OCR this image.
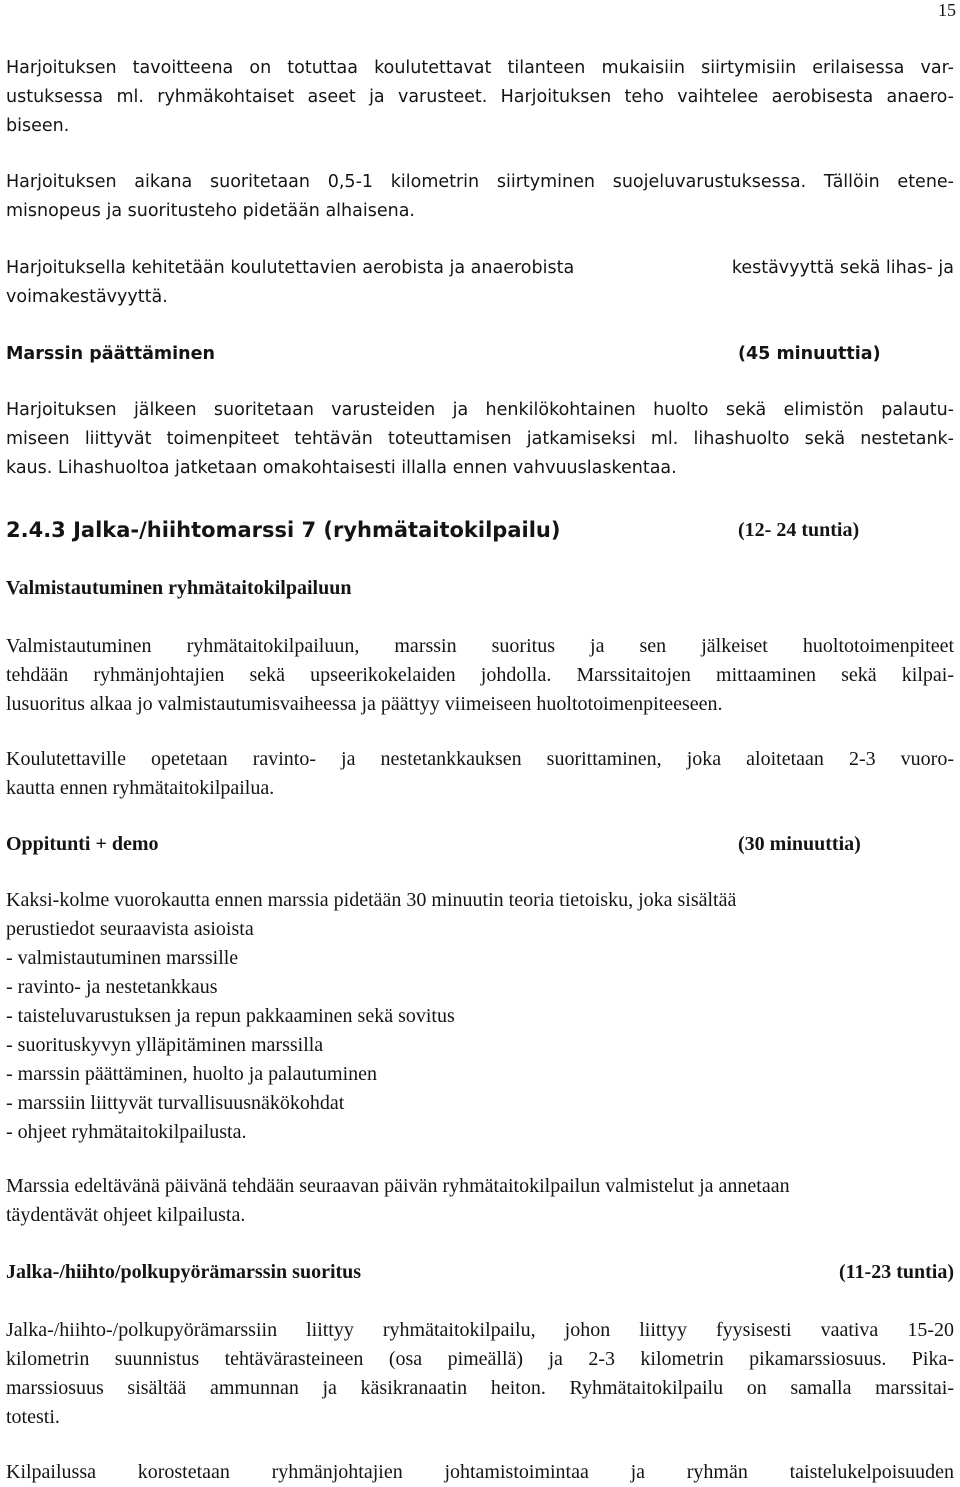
15
Harjoituksen tavoitteena on totuttaa koulutettavat tilanteen mukaisiin siirtymisiin erilaisessa var-
ustuksessa ml. ryhmäkohtaiset aseet ja varusteet. Harjoituksen teho vaihtelee aerobisesta anaero-
biseen.
Harjoituksen aikana suoritetaan 0,5-1 kilometrin siirtyminen suojeluvarustuksessa. Tällöin etene-
misnopeus ja suoritusteho pidetään alhaisena.
Harjoituksella kehitetään koulutettavien aerobista ja anaerobista	kestävyyttä sekä lihas- ja
voimakestävyyttä.
Marssin päättäminen	(45 minuuttia)
Harjoituksen jälkeen suoritetaan varusteiden ja henkilökohtainen huolto sekä elimistön palautu-
miseen liittyvät toimenpiteet tehtävän toteuttamisen jatkamiseksi ml. lihashuolto sekä nestetank-
kaus. Lihashuoltoa jatketaan omakohtaisesti illalla ennen vahvuuslaskentaa.
2.4.3 Jalka-/hiihtomarssi 7 (ryhmätaitokilpailu)	(12- 24 tuntia)
Valmistautuminen ryhmätaitokilpailuun
Valmistautuminen ryhmätaitokilpailuun, marssin suoritus ja sen jälkeiset huoltotoimenpiteet
tehdään ryhmänjohtajien sekä upseerikokelaiden johdolla. Marssitaitojen mittaaminen sekä kilpai-
lusuoritus alkaa jo valmistautumisvaiheessa ja päättyy viimeiseen huoltotoimenpiteeseen.
Koulutettaville opetetaan ravinto- ja nestetankkauksen suorittaminen, joka aloitetaan 2-3 vuoro-
kautta ennen ryhmätaitokilpailua.
Oppitunti + demo	(30 minuuttia)
Kaksi-kolme vuorokautta ennen marssia pidetään 30 minuutin teoria tietoisku, joka sisältää
perustiedot seuraavista asioista
- valmistautuminen marssille
- ravinto- ja nestetankkaus
- taisteluvarustuksen ja repun pakkaaminen sekä sovitus
- suorituskyvyn ylläpitäminen marssilla
- marssin päättäminen, huolto ja palautuminen
- marssiin liittyvät turvallisuusnäkökohdat
- ohjeet ryhmätaitokilpailusta.
Marssia edeltävänä päivänä tehdään seuraavan päivän ryhmätaitokilpailun valmistelut ja annetaan
täydentävät ohjeet kilpailusta.
Jalka-/hiihto/polkupyörämarssin suoritus	(11-23 tuntia)
Jalka-/hiihto-/polkupyörämarssiin liittyy ryhmätaitokilpailu, johon liittyy fyysisesti vaativa 15-20
kilometrin suunnistus tehtävärasteineen (osa pimeällä) ja 2-3 kilometrin pikamarssiosuus. Pika-
marssiosuus sisältää ammunnan ja käsikranaatin heiton. Ryhmätaitokilpailu on samalla marssitai-
totesti.
Kilpailussa korostetaan ryhmänjohtajien johtamistoimintaa ja ryhmän taistelukelpoisuuden
